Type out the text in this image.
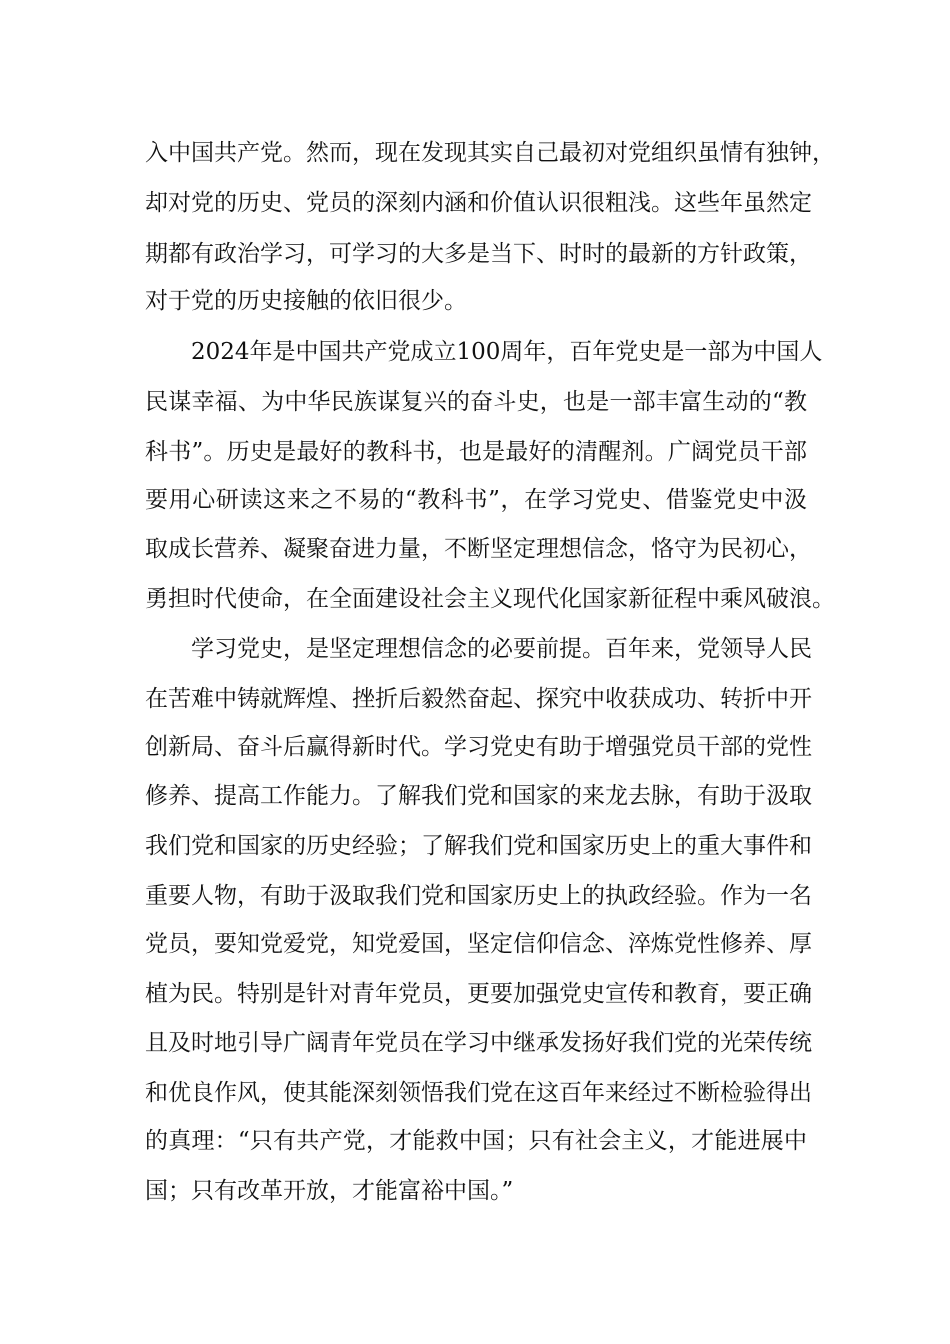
入中国共产党。然而，现在发现其实自己最初对党组织虽情有独钟，
却对党的历史、党员的深刻内涵和价值认识很粗浅。这些年虽然定
期都有政治学习，可学习的大多是当下、时时的最新的方针政策，
对于党的历史接触的依旧很少。
2024年是中国共产党成立100周年，百年党史是一部为中国人
民谋幸福、为中华民族谋复兴的奋斗史，也是一部丰富生动的“教
科书”。历史是最好的教科书，也是最好的清醒剂。广阔党员干部
要用心研读这来之不易的“教科书”，在学习党史、借鉴党史中汲
取成长营养、凝聚奋进力量，不断坚定理想信念，恪守为民初心，
勇担时代使命，在全面建设社会主义现代化国家新征程中乘风破浪。
学习党史，是坚定理想信念的必要前提。百年来，党领导人民
在苦难中铸就辉煌、挫折后毅然奋起、探究中收获成功、转折中开
创新局、奋斗后赢得新时代。学习党史有助于增强党员干部的党性
修养、提高工作能力。了解我们党和国家的来龙去脉，有助于汲取
我们党和国家的历史经验；了解我们党和国家历史上的重大事件和
重要人物，有助于汲取我们党和国家历史上的执政经验。作为一名
党员，要知党爱党，知党爱国，坚定信仰信念、淬炼党性修养、厚
植为民。特别是针对青年党员，更要加强党史宣传和教育，要正确
且及时地引导广阔青年党员在学习中继承发扬好我们党的光荣传统
和优良作风，使其能深刻领悟我们党在这百年来经过不断检验得出
的真理：“只有共产党，才能救中国；只有社会主义，才能进展中
国；只有改革开放，才能富裕中国。”
